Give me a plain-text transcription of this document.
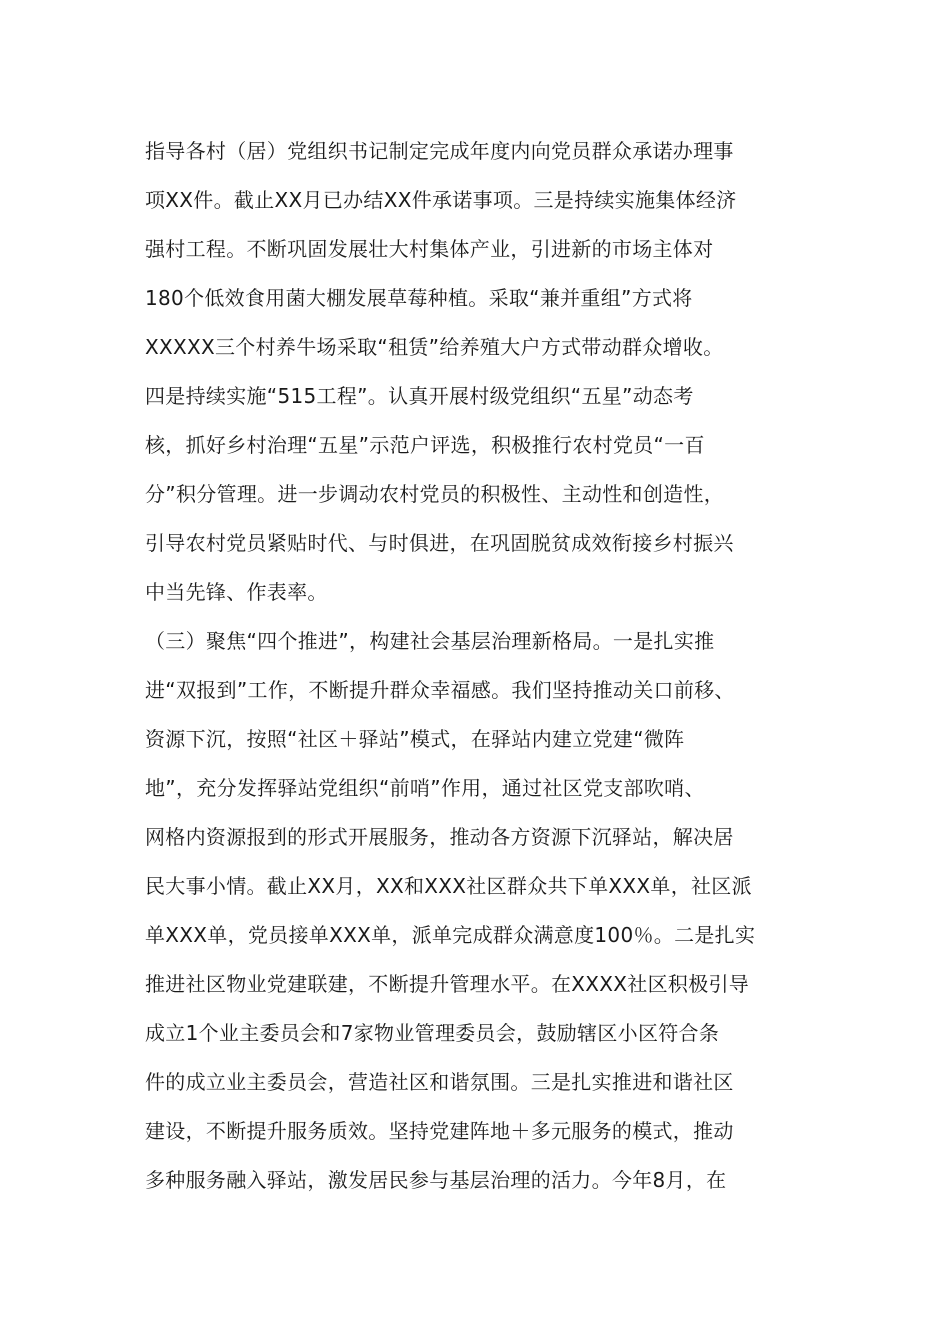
指导各村（居）党组织书记制定完成年度内向党员群众承诺办理事

项XX件。截止XX月已办结XX件承诺事项。三是持续实施集体经济

强村工程。不断巩固发展壮大村集体产业，引进新的市场主体对

180个低效食用菌大棚发展草莓种植。采取“兼并重组”方式将

XXXXX三个村养牛场采取“租赁”给养殖大户方式带动群众增收。

四是持续实施“515工程”。认真开展村级党组织“五星”动态考

核，抓好乡村治理“五星”示范户评选，积极推行农村党员“一百

分”积分管理。进一步调动农村党员的积极性、主动性和创造性，

引导农村党员紧贴时代、与时俱进，在巩固脱贫成效衔接乡村振兴

中当先锋、作表率。

（三）聚焦“四个推进”，构建社会基层治理新格局。一是扎实推

进“双报到”工作，不断提升群众幸福感。我们坚持推动关口前移、

资源下沉，按照“社区＋驿站”模式，在驿站内建立党建“微阵

地”，充分发挥驿站党组织“前哨”作用，通过社区党支部吹哨、

网格内资源报到的形式开展服务，推动各方资源下沉驿站，解决居

民大事小情。截止XX月，XX和XXX社区群众共下单XXX单，社区派

单XXX单，党员接单XXX单，派单完成群众满意度100％。二是扎实

推进社区物业党建联建，不断提升管理水平。在XXXX社区积极引导

成立1个业主委员会和7家物业管理委员会，鼓励辖区小区符合条

件的成立业主委员会，营造社区和谐氛围。三是扎实推进和谐社区

建设，不断提升服务质效。坚持党建阵地＋多元服务的模式，推动

多种服务融入驿站，激发居民参与基层治理的活力。今年8月，在
